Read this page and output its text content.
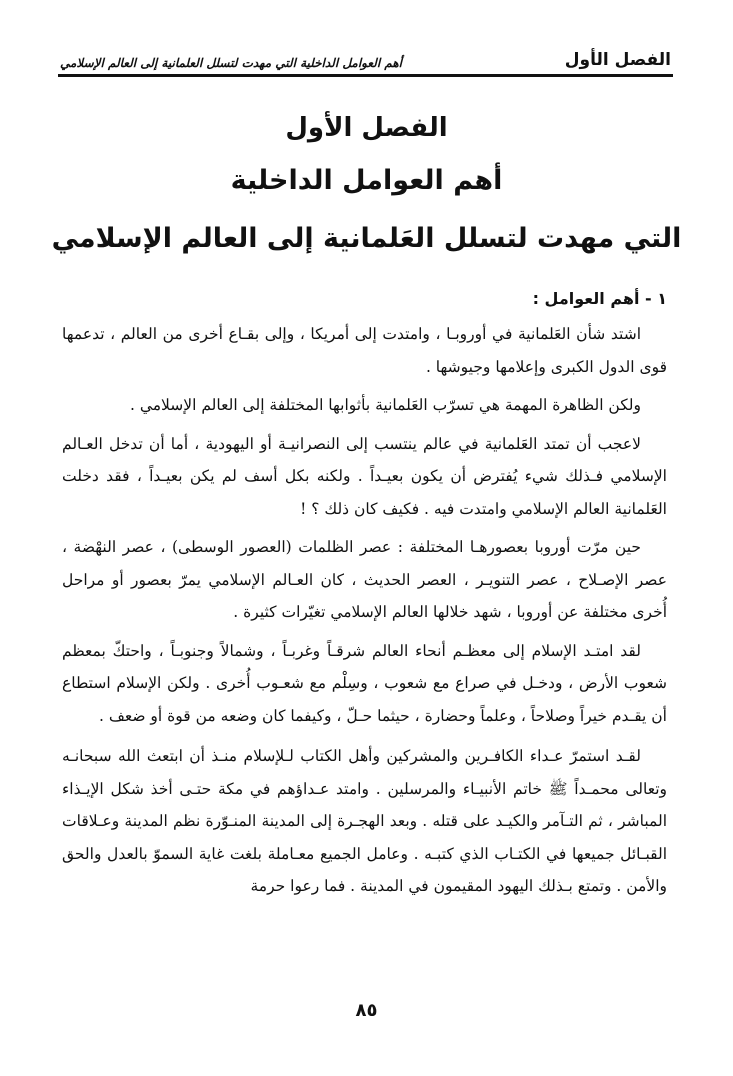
الفصل الأول
أهم العوامل الداخلية التي مهدت لتسلل العلمانية إلى العالم الإسلامي
الفصل الأول
أهم العوامل الداخلية
التي مهدت لتسلل العَلمانية إلى العالم الإسلامي
١ - أهم العوامل :

اشتد شأن العَلمانية في أوروبـا ، وامتدت إلى أمريكا ، وإلى بقـاع أخرى من العالم ، تدعمها قوى الدول الكبرى وإعلامها وجيوشها .

ولكن الظاهرة المهمة هي تسرّب العَلمانية بأثوابها المختلفة إلى العالم الإسلامي .

لاعجب أن تمتد العَلمانية في عالم ينتسب إلى النصرانيـة أو اليهودية ، أما أن تدخل العـالم الإسلامي فـذلك شيء يُفترض أن يكون بعيـداً . ولكنه بكل أسف لم يكن بعيـداً ، فقد دخلت العَلمانية العالم الإسلامي وامتدت فيه . فكيف كان ذلك ؟ !

حين مرّت أوروبا بعصورهـا المختلفة : عصر الظلمات (العصور الوسطى) ، عصر النهْضة ، عصر الإصـلاح ، عصر التنويـر ، العصر الحديث ، كان العـالم الإسلامي يمرّ بعصور أو مراحل أُخرى مختلفة عن أوروبا ، شهد خلالها العالم الإسلامي تغيّرات كثيرة .

لقد امتـد الإسلام إلى معظـم أنحاء العالم شرقـاً وغربـاً ، وشمالاً وجنوبـاً ، واحتكّ بمعظم شعوب الأرض ، ودخـل في صراع مع شعوب ، وسِلْم مع شعـوب أُخرى . ولكن الإسلام استطاع أن يقـدم خيراً وصلاحاً ، وعلماً وحضارة ، حيثما حـلّ ، وكيفما كان وضعه من قوة أو ضعف .

لقـد استمرّ عـداء الكافـرين والمشركين وأهل الكتاب لـلإسلام منـذ أن ابتعث الله سبحانـه وتعالى محمـداً ﷺ خاتم الأنبيـاء والمرسلين . وامتد عـداؤهم في مكة حتـى أخذ شكل الإيـذاء المباشر ، ثم التـآمر والكيـد على قتله . وبعد الهجـرة إلى المدينة المنـوّرة نظم المدينة وعـلاقات القبـائل جميعها في الكتـاب الذي كتبـه . وعامل الجميع معـاملة بلغت غاية السموّ بالعدل والحق والأمن . وتمتع بـذلك اليهود المقيمون في المدينة . فما رعوا حرمة

٨٥
